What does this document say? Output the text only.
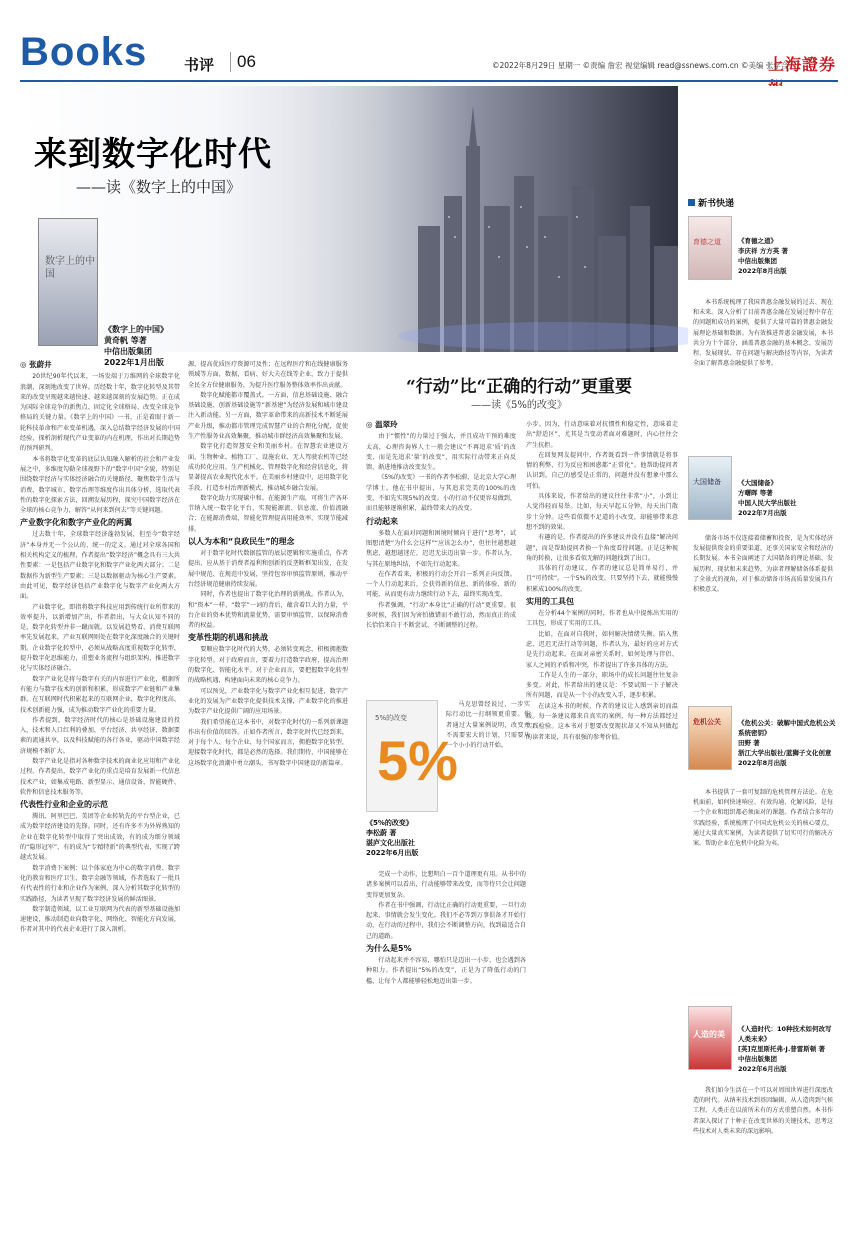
Books 书评	06	©2022年8月29日 星期一 ©责编 詹宏 视觉编辑 read@ssnews.com.cn ©美编 张学合
上海證券
来到数字化时代
——读《数字上的中国》
数字上的中国
《数字上的中国》
黄奇帆 等著
中信出版集团
2022年1月出版

◎ 张蔚井

20世纪90年代以来，一场发端于万维网的全球数字化浪潮，深刻地改变了世界。历经数十年，数字化转型及其带来的改变呈现越来越快速、越来越深刻的发展趋势。正在成为国际全球竞争的新焦点、固定化全球格局、改变全球竞争格局的关键力量。《数字上的中国》一书，正是着眼于新一轮科技革命和产业变革机遇，深入总结数字经济发展的中国经验，探析剖析现代产业变革的内在机理，作出对长期趋势的预判研判。

本书将数字化变革的底层认知融入解析的社会和产业发展之中，多维度勾勒全球视野下的“数字中国”全貌，特别是围绕数字经济与实体经济融合的关键路径、聚焦数字生活与消费、数字城市、数字治理等维度作出具体分析，选取代表性的数字化探索方法，回溯发展历程，探究中国数字经济在全球的核心竞争力，解答“从何来到何去”等关键问题。

产业数字化和数字产业化的两翼

过去数十年，全球数字经济蓬勃发展，但至今“数字经济”本身并无一个公认的、统一的定义。通过对全球各国和相关机构定义的梳理，作者提出“数字经济”概念具有三大共性要素：一是包括产业数字化和数字产业化两大部分；二是数据作为新型生产要素；三是以数据驱动为核心生产要素。由此可见，数字经济包括产业数字化与数字产业化两大方面。

产业数字化，即指将数字科技应用到传统行业所带来的效率提升，以新增加产出，作者指出，与大众认知不同的是，数字化转型并非一蹴而就。以发展趋势看，消费互联网率先发展起来，产业互联网则处在数字化深度融合的关键时期。企业数字化转型中，必须从战略高度重视数字化转型，提升数字化思维能力，重塑业务流程与组织架构，推进数字化与实体经济融合。

数字产业化是将与数字有关的内容进行产业化，根据所有能力与数字技术的创新和积累，形成数字产业链和产业集群。在互联网时代积累起来的互联网企业，数字化程度高、技术创新能力强，成为推动数字产业化的重要力量。

作者提到，数字经济时代的核心是基础设施建设的投入，技术和人口红利的叠加，平台经济、共享经济、数据要素的流通共享，以及科技赋能的各行各业，驱动中国数字经济规模不断扩大。

数字产业化是指对各种数字技术的商业化应用和产业化过程。作者提出，数字产业化的重点是培育发展新一代信息技术产业，如集成电路、新型显示、通信设备、智能硬件、软件和信息技术服务等。

代表性行业和企业的示范

腾讯、阿里巴巴、美团等企业转轨先的平台型企业，已成为数字经济建设的先锋。同时，还有许多不为外界熟知的企业在数字化转型中取得了突出成效，有的成为细分领域的“隐形冠军”，有的成为“专精特新”的典型代表，实现了跨越式发展。

数字消费下案例：以个体家庭为中心的数字消费、数字化的教育和医疗卫生、数字金融等领域，作者选取了一批具有代表性的行业和企业作为案例，深入分析其数字化转型的实践路径，为读者呈现了数字经济发展的鲜活图景。

数字制造领域，以工业互联网为代表的新型基础设施加速建设，推动制造业向数字化、网络化、智能化方向发展，作者对其中的代表企业进行了深入剖析。

源，提高优质医疗资源可及性；在远程医疗和在线健康服务领域等方面，数据、看病、好大夫在线等企业，致力于提供全民全方位健康服务，为提升医疗服务整体效率作出贡献。

数字化赋能都市覆盖式。一方面，信息基础设施、融合基础设施、创新基础设施等“新基建”为经济发展和城市建设注入新动能。另一方面，数字革命带来的高新技术不断延展产业升级，推动都市管理完成智慧产业的合理化分配，促使生产性服务业高效集聚，推动城市群经济高效集聚和发展。

数字化打造智慧安全和美丽乡村。在智慧农业建设方面，生物种业、植物工厂、设施农业、无人驾驶农机等已经成功转化应用，生产机械化、管理数字化和经营信息化，将显著提高农业现代化水平。在美丽乡村建设中，运用数字化手段，打造乡村治理新模式，推动城乡融合发展。

数字化助力实现碳中和。在能源生产端，可将生产各环节纳入统一数字化平台，实现能源流、信息流、价值流融合；在能源消费端，智能化管理提高用能效率，实现节能减排。

以人为本和“良政民生”的理念

对于数字化时代数据监管的底层逻辑和实施重点，作者提出，应从基于消费者福利和创新的反垄断框架出发，在发展中规范、在规范中发展，坚持包容审慎监管原则，推动平台经济规范健康持续发展。

同时，作者也提出了数字化治理的新挑战。作者认为，和“资本”一样，“数字”一词的背后，蕴含着巨大的力量，平台企业的资本优势和流量优势，需要审慎监管，以保障消费者的权益。

变革性期的机遇和挑战

要顺应数字化时代的大势，必须转变观念，积极拥抱数字化转型。对于政府而言，要着力打造数字政府，提高治理的数字化、智能化水平。对于企业而言，要把握数字化转型的战略机遇，构建面向未来的核心竞争力。

可以预见，产业数字化与数字产业化相互促进，数字产业化的发展为产业数字化提供技术支撑，产业数字化的推进为数字产业化提供广阔的应用场景。

我们希望能在这本书中，对数字化时代的一系列新课题作出有价值的回答。正如作者所言，数字化时代已经到来，对于每个人、每个企业、每个国家而言，拥抱数字化转型，迎接数字化时代，都是必然的选择。我们期待，中国能够在这场数字化浪潮中勇立潮头，书写数字中国建设的新篇章。

“行动”比“正确的行动”更重要
——读《5%的改变》

◎ 温翠玲

由于“惯性”的力量过于强大，并且成功干预的难度太高，心理咨询界人士一般会建议“不再追求‘质’的改变，而是先追求‘量’的改变”，用实际行动带来正向反馈，渐进地推动改变发生。

《5%的改变》一书的作者李松蔚，是北京大学心理学博士。他在书中提出，与其追求完美的100%的改变，不如先实现5%的改变。小的行动不仅更容易做到，而且能够逐渐积累，最终带来大的改变。

行动起来

多数人在面对问题和困境时倾向于进行“思考”，试图想清楚“为什么会这样”“应该怎么办”，但往往越想越焦虑，越想越迷茫，迟迟无法迈出第一步。作者认为，与其在原地纠结，不如先行动起来。

在作者看来，积极的行动会开启一系列正向反馈。一个人行动起来后，会获得新的信息、新的体验、新的可能，从而更有动力继续行动下去，最终实现改变。

作者强调，“行动”本身比“正确的行动”更重要。很多时候，我们因为害怕做错而不敢行动，然而真正的成长恰恰来自于不断尝试、不断调整的过程。

5%的改变
5%
《5%的改变》
李松蔚 著
湛庐文化出版社
2022年6月出版

马克思曾经说过，一步实际行动比一打纲领更重要。作者通过大量案例说明，改变并不需要宏大的计划，只需要从一个小小的行动开始。

完成一个动作，比想明白一百个道理更有用。从书中的诸多案例可以看出，行动能够带来改变，而等待只会让问题变得更加复杂。

作者在书中强调，行动比正确的行动更重要，一旦行动起来，事情就会发生变化。我们不必等到万事俱备才开始行动，在行动的过程中，我们会不断调整方向，找到最适合自己的道路。

为什么是5%

行动起来并不容易，哪怕只是迈出一小步，也会遇到各种阻力。作者提出“5%的改变”，正是为了降低行动的门槛，让每个人都能够轻松地迈出第一步。

小步。因为，行动意味着对抗惯性和稳定性，意味着走出“舒适区”，尤其是当变动者面对难题时，内心往往会产生抗拒。

在回复网友提问中，作者既看到一件事情就是将事情的利弊、行为反应和困惑都“正常化”。他帮助提问者认识到，自己的感受是正常的，问题并没有想象中那么可怕。

具体来说，作者给出的建议往往非常“小”，小到让人觉得轻而易举。比如，每天早起五分钟，每天出门散步十分钟。这些看似微不足道的小改变，却能够带来意想不到的效果。

有趣的是，作者提出的许多建议并没有直接“解决问题”，而是帮助提问者换一个角度看待问题。正是这种视角的转换，让很多看似无解的问题找到了出口。

具体的行动建议，作者的建议总是简单易行，并且“可持续”。一个5%的改变，只要坚持下去，就能慢慢积累成100%的改变。

实用的工具包

在分析44个案例的同时，作者也从中提炼出实用的工具包，形成了实用的工具。

比如，在面对自我时，如何解决情绪失衡、陷入焦虑、迟迟无法行动等问题，作者认为，最好的应对方式是先行动起来。在面对亲密关系时，如何处理与伴侣、家人之间的矛盾和冲突，作者提出了许多具体的方法。

工作是人生的一部分，职场中的成长问题往往复杂多变。对此，作者给出的建议是：不要试图一下子解决所有问题，而是从一个小的改变入手，逐步积累。

在读这本书的时候，作者的建议让人感到亲切而温暖。每一条建议都来自真实的案例，每一种方法都经过实践检验。这本书对于想要改变现状却又不知从何做起的读者来说，具有很强的参考价值。

新书快递
育德之道	《育德之道》
李庆祥 方方英 著
中信出版集团
2022年8月出版
本书系统梳理了我国普惠金融发展的过去、现在和未来。深入分析了目前普惠金融在发展过程中存在的问题和成功的案例，提供了大量可靠的普惠金融发展理论基础和数据。为有效推进普惠金融发展，本书共分为十个部分，涵盖普惠金融的基本概念、发展历程、发展现状、存在问题与解决路径等内容，为读者全面了解普惠金融提供了参考。
大国储备	《大国储备》
方曙晖 等著
中国人民大学出版社
2022年7月出版
储备市场不仅连接着储蓄和投资，是为实体经济发展提供资金的重要渠道，还事关国家安全和经济的长期发展。本书全面阐述了大国储备的理论基础、发展历程、现状和未来趋势，为读者理解储备体系提供了全景式的视角，对于推动储备市场高质量发展具有积极意义。
危机公关	《危机公关：破解中国式危机公关系统密钥》
田野 著
浙江大学出版社/蓝狮子文化创意
2022年8月出版
本书提供了一套可复制的危机管理方法论。在危机面前，如何快速响应、有效沟通、化解风险，是每一个企业和组织都必须面对的课题。作者结合多年的实践经验，系统梳理了中国式危机公关的核心要点，通过大量真实案例，为读者提供了切实可行的解决方案，帮助企业在危机中化险为夷。
人造的美
《人造时代：10种技术如何改写人类未来》
[英]克里斯托弗·J.普雷斯顿 著
中信出版集团
2022年6月出版
我们如今生活在一个可以对周围世界进行深度改造的时代。从纳米技术到基因编辑，从人造肉到气候工程，人类正在以前所未有的方式重塑自然。本书作者深入探讨了十种正在改变世界的关键技术，思考这些技术对人类未来的深远影响。
